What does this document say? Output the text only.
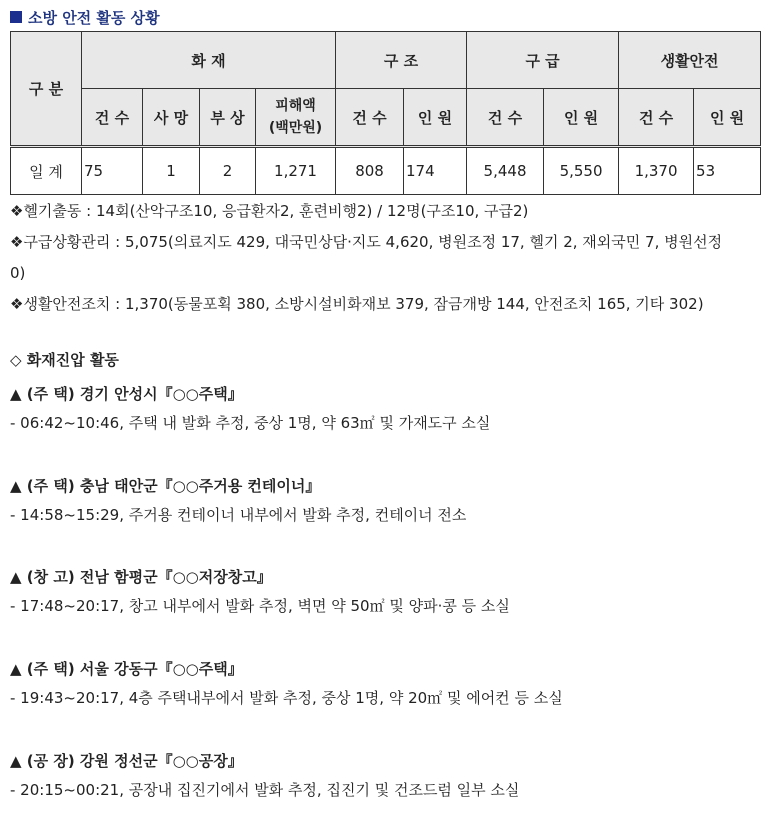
소방 안전 활동 상황
구 분	화 재				구 조		구 급		생활안전	
	건 수	사 망	부 상	피해액
(백만원)	건 수	인 원	건 수	인 원	건 수	인 원
일 계	75	1	2	1,271	808	174	5,448	5,550	1,370	53
❖헬기출동 : 14회(산악구조10, 응급환자2, 훈련비행2) / 12명(구조10, 구급2)
❖구급상황관리 : 5,075(의료지도 429, 대국민상담·지도 4,620, 병원조정 17, 헬기 2, 재외국민 7, 병원선정
0)
❖생활안전조치 : 1,370(동물포획 380, 소방시설비화재보 379, 잠금개방 144, 안전조치 165, 기타 302)
◇ 화재진압 활동
▲ (주 택) 경기 안성시『○○주택』
- 06:42~10:46, 주택 내 발화 추정, 중상 1명, 약 63㎡ 및 가재도구 소실
▲ (주 택) 충남 태안군『○○주거용 컨테이너』
- 14:58~15:29, 주거용 컨테이너 내부에서 발화 추정, 컨테이너 전소
▲ (창 고) 전남 함평군『○○저장창고』
- 17:48~20:17, 창고 내부에서 발화 추정, 벽면 약 50㎡ 및 양파·콩 등 소실
▲ (주 택) 서울 강동구『○○주택』
- 19:43~20:17, 4층 주택내부에서 발화 추정, 중상 1명, 약 20㎡ 및 에어컨 등 소실
▲ (공 장) 강원 정선군『○○공장』
- 20:15~00:21, 공장내 집진기에서 발화 추정, 집진기 및 건조드럼 일부 소실
